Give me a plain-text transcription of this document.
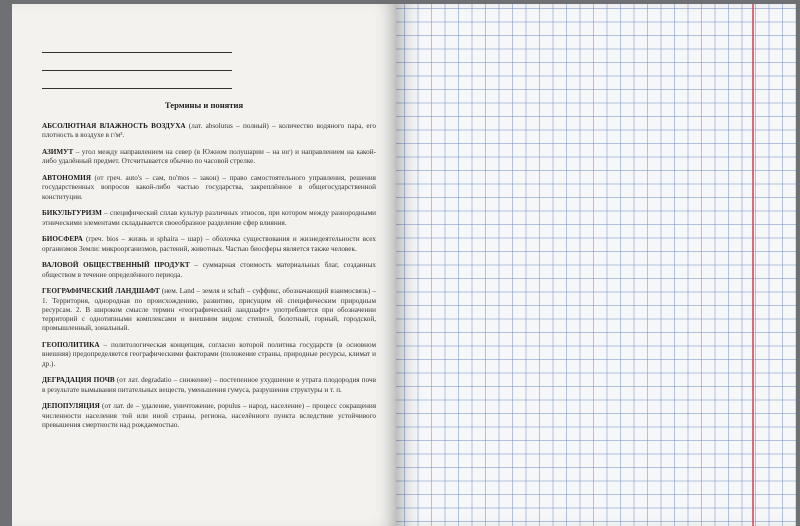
Термины и понятия
АБСОЛЮТНАЯ ВЛАЖНОСТЬ ВОЗДУХА (лат. absolutus – полный) – количество водяного пара, его плотность в воздухе в г/м³.
АЗИМУТ – угол между направлением на север (в Южном полушарии – на юг) и направлением на какой-либо удалённый предмет. Отсчитывается обычно по часовой стрелке.
АВТОНОМИЯ (от греч. auto's – сам, no'mos – закон) – право самостоятельного управления, решения государственных вопросов какой-либо частью государства, закреплённое в общегосударственной конституции.
БИКУЛЬТУРИЗМ – специфический сплав культур различных этносов, при котором между разнородными этническими элементами складывается своеобразное разделение сфер влияния.
БИОСФЕРА (греч. bios – жизнь и sphaira – шар) – оболочка существования и жизнедеятельности всех организмов Земли: микроорганизмов, растений, животных. Частью биосферы является также человек.
ВАЛОВОЙ ОБЩЕСТВЕННЫЙ ПРОДУКТ – суммарная стоимость материальных благ, созданных обществом в течение определённого периода.
ГЕОГРАФИЧЕСКИЙ ЛАНДШАФТ (нем. Land – земля и schaft – суффикс, обозначающий взаимосвязь) – 1. Территория, однородная по происхождению, развитию, присущим ей специфическим природным ресурсам. 2. В широком смысле термин «географический ландшафт» употребляется при обозначении территорий с однотипными комплексами и внешним видом: степной, болотный, горный, городской, промышленный, зональный.
ГЕОПОЛИТИКА – политологическая концепция, согласно которой политика государств (в основном внешняя) предопределяется географическими факторами (положение страны, природные ресурсы, климат и др.).
ДЕГРАДАЦИЯ ПОЧВ (от лат. degradatio – снижение) – постепенное ухудшение и утрата плодородия почв в результате вымывания питательных веществ, уменьшения гумуса, разрушения структуры и т. п.
ДЕПОПУЛЯЦИЯ (от лат. de – удаление, уничтожение, populus – народ, население) – процесс сокращения численности населения той или иной страны, региона, населённого пункта вследствие устойчивого превышения смертности над рождаемостью.
